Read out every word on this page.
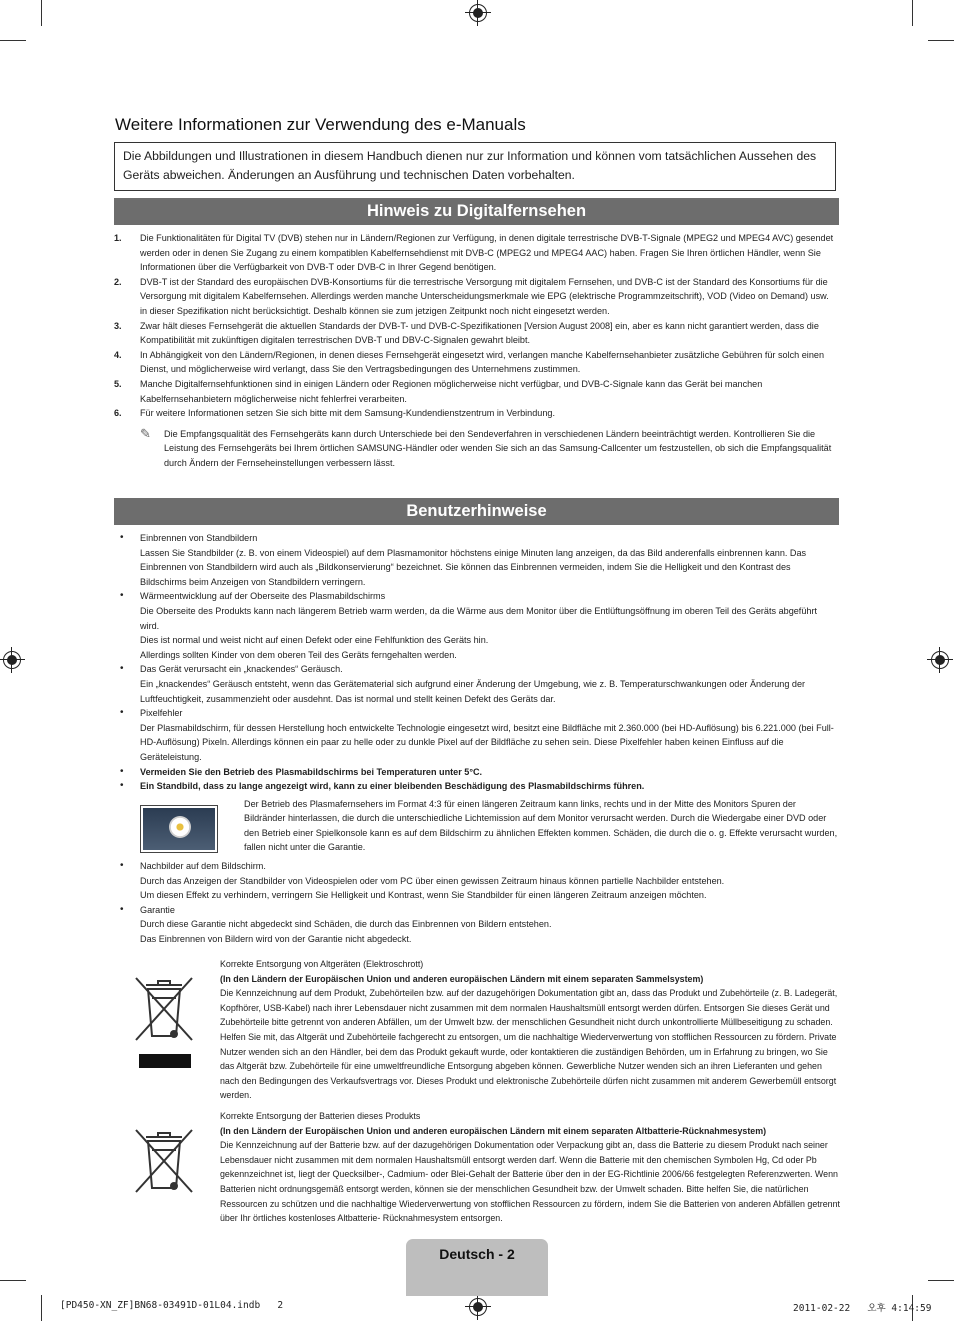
Weitere Informationen zur Verwendung des e-Manuals
Die Abbildungen und Illustrationen in diesem Handbuch dienen nur zur Information und können vom tatsächlichen Aussehen des Geräts abweichen. Änderungen an Ausführung und technischen Daten vorbehalten.
Hinweis zu Digitalfernsehen
1. Die Funktionalitäten für Digital TV (DVB) stehen nur in Ländern/Regionen zur Verfügung, in denen digitale terrestrische DVB-T-Signale (MPEG2 und MPEG4 AVC) gesendet werden oder in denen Sie Zugang zu einem kompatiblen Kabelfernsehdienst mit DVB-C (MPEG2 und MPEG4 AAC) haben. Fragen Sie Ihren örtlichen Händler, wenn Sie Informationen über die Verfügbarkeit von DVB-T oder DVB-C in Ihrer Gegend benötigen.
2. DVB-T ist der Standard des europäischen DVB-Konsortiums für die terrestrische Versorgung mit digitalem Fernsehen, und DVB-C ist der Standard des Konsortiums für die Versorgung mit digitalem Kabelfernsehen. Allerdings werden manche Unterscheidungsmerkmale wie EPG (elektrische Programmzeitschrift), VOD (Video on Demand) usw. in dieser Spezifikation nicht berücksichtigt. Deshalb können sie zum jetzigen Zeitpunkt noch nicht eingesetzt werden.
3. Zwar hält dieses Fernsehgerät die aktuellen Standards der DVB-T- und DVB-C-Spezifikationen [Version August 2008] ein, aber es kann nicht garantiert werden, dass die Kompatibilität mit zukünftigen digitalen terrestrischen DVB-T und DBV-C-Signalen gewahrt bleibt.
4. In Abhängigkeit von den Ländern/Regionen, in denen dieses Fernsehgerät eingesetzt wird, verlangen manche Kabelfernsehanbieter zusätzliche Gebühren für solch einen Dienst, und möglicherweise wird verlangt, dass Sie den Vertragsbedingungen des Unternehmens zustimmen.
5. Manche Digitalfernsehfunktionen sind in einigen Ländern oder Regionen möglicherweise nicht verfügbar, und DVB-C-Signale kann das Gerät bei manchen Kabelfernsehanbietern möglicherweise nicht fehlerfrei verarbeiten.
6. Für weitere Informationen setzen Sie sich bitte mit dem Samsung-Kundendienstzentrum in Verbindung.
✎ Die Empfangsqualität des Fernsehgeräts kann durch Unterschiede bei den Sendeverfahren in verschiedenen Ländern beeinträchtigt werden. Kontrollieren Sie die Leistung des Fernsehgeräts bei Ihrem örtlichen SAMSUNG-Händler oder wenden Sie sich an das Samsung-Callcenter um festzustellen, ob sich die Empfangsqualität durch Ändern der Fernseheinstellungen verbessern lässt.
Benutzerhinweise
• Einbrennen von Standbildern
Lassen Sie Standbilder (z. B. von einem Videospiel) auf dem Plasmamonitor höchstens einige Minuten lang anzeigen, da das Bild anderenfalls einbrennen kann. Das Einbrennen von Standbildern wird auch als „Bildkonservierung“ bezeichnet. Sie können das Einbrennen vermeiden, indem Sie die Helligkeit und den Kontrast des Bildschirms beim Anzeigen von Standbildern verringern.
• Wärmeentwicklung auf der Oberseite des Plasmabildschirms
Die Oberseite des Produkts kann nach längerem Betrieb warm werden, da die Wärme aus dem Monitor über die Entlüftungsöffnung im oberen Teil des Geräts abgeführt wird.
Dies ist normal und weist nicht auf einen Defekt oder eine Fehlfunktion des Geräts hin.
Allerdings sollten Kinder von dem oberen Teil des Geräts ferngehalten werden.
• Das Gerät verursacht ein „knackendes“ Geräusch.
Ein „knackendes“ Geräusch entsteht, wenn das Gerätematerial sich aufgrund einer Änderung der Umgebung, wie z. B. Temperaturschwankungen oder Änderung der Luftfeuchtigkeit, zusammenzieht oder ausdehnt. Das ist normal und stellt keinen Defekt des Geräts dar.
• Pixelfehler
Der Plasmabildschirm, für dessen Herstellung hoch entwickelte Technologie eingesetzt wird, besitzt eine Bildfläche mit 2.360.000 (bei HD-Auflösung) bis 6.221.000 (bei Full-HD-Auflösung) Pixeln. Allerdings können ein paar zu helle oder zu dunkle Pixel auf der Bildfläche zu sehen sein. Diese Pixelfehler haben keinen Einfluss auf die Geräteleistung.
• Vermeiden Sie den Betrieb des Plasmabildschirms bei Temperaturen unter 5°C.
• Ein Standbild, dass zu lange angezeigt wird, kann zu einer bleibenden Beschädigung des Plasmabildschirms führen.
Der Betrieb des Plasmafernsehers im Format 4:3 für einen längeren Zeitraum kann links, rechts und in der Mitte des Monitors Spuren der Bildränder hinterlassen, die durch die unterschiedliche Lichtemission auf dem Monitor verursacht werden. Durch die Wiedergabe einer DVD oder den Betrieb einer Spielkonsole kann es auf dem Bildschirm zu ähnlichen Effekten kommen. Schäden, die durch die o. g. Effekte verursacht wurden, fallen nicht unter die Garantie.
• Nachbilder auf dem Bildschirm.
Durch das Anzeigen der Standbilder von Videospielen oder vom PC über einen gewissen Zeitraum hinaus können partielle Nachbilder entstehen.
Um diesen Effekt zu verhindern, verringern Sie Helligkeit und Kontrast, wenn Sie Standbilder für einen längeren Zeitraum anzeigen möchten.
• Garantie
Durch diese Garantie nicht abgedeckt sind Schäden, die durch das Einbrennen von Bildern entstehen.
Das Einbrennen von Bildern wird von der Garantie nicht abgedeckt.
Korrekte Entsorgung von Altgeräten (Elektroschrott)
(In den Ländern der Europäischen Union und anderen europäischen Ländern mit einem separaten Sammelsystem)
Die Kennzeichnung auf dem Produkt, Zubehörteilen bzw. auf der dazugehörigen Dokumentation gibt an, dass das Produkt und Zubehörteile (z. B. Ladegerät, Kopfhörer, USB-Kabel) nach ihrer Lebensdauer nicht zusammen mit dem normalen Haushaltsmüll entsorgt werden dürfen. Entsorgen Sie dieses Gerät und Zubehörteile bitte getrennt von anderen Abfällen, um der Umwelt bzw. der menschlichen Gesundheit nicht durch unkontrollierte Müllbeseitigung zu schaden. Helfen Sie mit, das Altgerät und Zubehörteile fachgerecht zu entsorgen, um die nachhaltige Wiederverwertung von stofflichen Ressourcen zu fördern. Private Nutzer wenden sich an den Händler, bei dem das Produkt gekauft wurde, oder kontaktieren die zuständigen Behörden, um in Erfahrung zu bringen, wo Sie das Altgerät bzw. Zubehörteile für eine umweltfreundliche Entsorgung abgeben können. Gewerbliche Nutzer wenden sich an ihren Lieferanten und gehen nach den Bedingungen des Verkaufsvertrags vor. Dieses Produkt und elektronische Zubehörteile dürfen nicht zusammen mit anderem Gewerbemüll entsorgt werden.
Korrekte Entsorgung der Batterien dieses Produkts
(In den Ländern der Europäischen Union und anderen europäischen Ländern mit einem separaten Altbatterie-Rücknahmesystem)
Die Kennzeichnung auf der Batterie bzw. auf der dazugehörigen Dokumentation oder Verpackung gibt an, dass die Batterie zu diesem Produkt nach seiner Lebensdauer nicht zusammen mit dem normalen Haushaltsmüll entsorgt werden darf. Wenn die Batterie mit den chemischen Symbolen Hg, Cd oder Pb gekennzeichnet ist, liegt der Quecksilber-, Cadmium- oder Blei-Gehalt der Batterie über den in der EG-Richtlinie 2006/66 festgelegten Referenzwerten. Wenn Batterien nicht ordnungsgemäß entsorgt werden, können sie der menschlichen Gesundheit bzw. der Umwelt schaden. Bitte helfen Sie, die natürlichen Ressourcen zu schützen und die nachhaltige Wiederverwertung von stofflichen Ressourcen zu fördern, indem Sie die Batterien von anderen Abfällen getrennt über Ihr örtliches kostenloses Altbatterie- Rücknahmesystem entsorgen.
Deutsch - 2
[PD450-XN_ZF]BN68-03491D-01L04.indb   2	2011-02-22   오후 4:14:59
